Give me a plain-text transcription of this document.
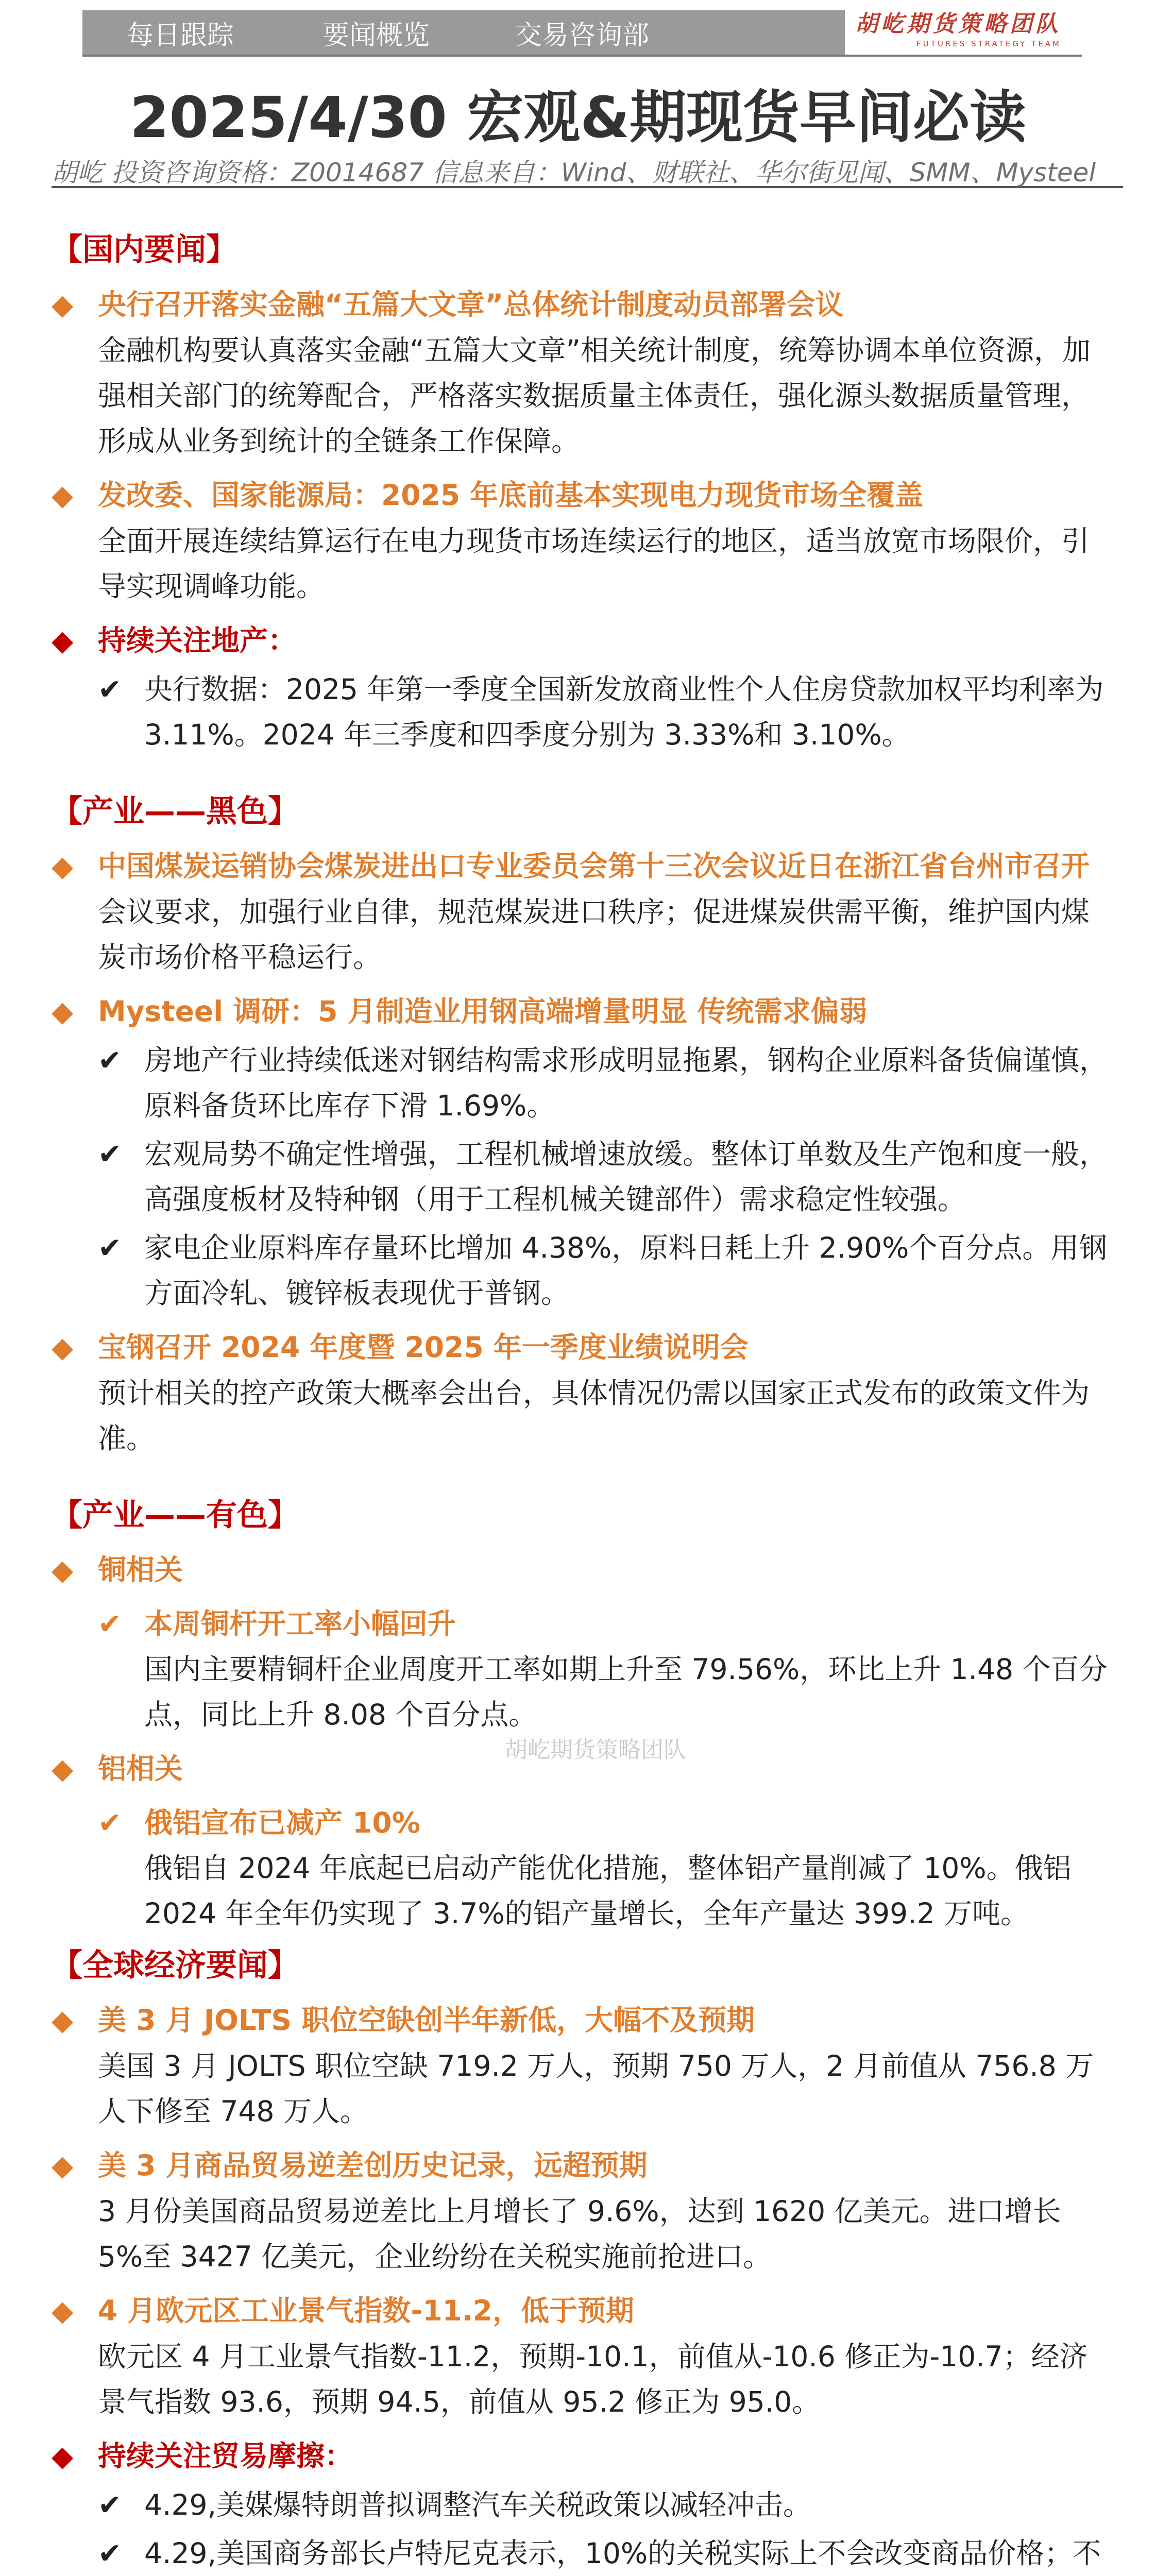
每日跟踪	要闻概览	交易咨询部	胡屹期货策略团队
FUTURES STRATEGY TEAM
2025/4/30 宏观&期现货早间必读
胡屹 投资咨询资格：Z0014687 信息来自：Wind、财联社、华尔街见闻、SMM、Mysteel
胡屹期货策略团队
【国内要闻】
◆ 央行召开落实金融“五篇大文章”总体统计制度动员部署会议
金融机构要认真落实金融“五篇大文章”相关统计制度，统筹协调本单位资源，加强相关部门的统筹配合，严格落实数据质量主体责任，强化源头数据质量管理，形成从业务到统计的全链条工作保障。
◆ 发改委、国家能源局：2025 年底前基本实现电力现货市场全覆盖
全面开展连续结算运行在电力现货市场连续运行的地区，适当放宽市场限价，引导实现调峰功能。
◆ 持续关注地产：
✔ 央行数据：2025 年第一季度全国新发放商业性个人住房贷款加权平均利率为 3.11%。2024 年三季度和四季度分别为 3.33%和 3.10%。
【产业——黑色】
◆ 中国煤炭运销协会煤炭进出口专业委员会第十三次会议近日在浙江省台州市召开
会议要求，加强行业自律，规范煤炭进口秩序；促进煤炭供需平衡，维护国内煤炭市场价格平稳运行。
◆ Mysteel 调研：5 月制造业用钢高端增量明显 传统需求偏弱
✔ 房地产行业持续低迷对钢结构需求形成明显拖累，钢构企业原料备货偏谨慎，原料备货环比库存下滑 1.69%。
✔ 宏观局势不确定性增强，工程机械增速放缓。整体订单数及生产饱和度一般，高强度板材及特种钢（用于工程机械关键部件）需求稳定性较强。
✔ 家电企业原料库存量环比增加 4.38%，原料日耗上升 2.90%个百分点。用钢方面冷轧、镀锌板表现优于普钢。
◆ 宝钢召开 2024 年度暨 2025 年一季度业绩说明会
预计相关的控产政策大概率会出台，具体情况仍需以国家正式发布的政策文件为准。
【产业——有色】
◆ 铜相关
✔ 本周铜杆开工率小幅回升
国内主要精铜杆企业周度开工率如期上升至 79.56%，环比上升 1.48 个百分点，同比上升 8.08 个百分点。
◆ 铝相关
✔ 俄铝宣布已减产 10%
俄铝自 2024 年底起已启动产能优化措施，整体铝产量削减了 10%。俄铝 2024 年全年仍实现了 3.7%的铝产量增长，全年产量达 399.2 万吨。
【全球经济要闻】
◆ 美 3 月 JOLTS 职位空缺创半年新低，大幅不及预期
美国 3 月 JOLTS 职位空缺 719.2 万人，预期 750 万人，2 月前值从 756.8 万人下修至 748 万人。
◆ 美 3 月商品贸易逆差创历史记录，远超预期
3 月份美国商品贸易逆差比上月增长了 9.6%，达到 1620 亿美元。进口增长 5%至 3427 亿美元，企业纷纷在关税实施前抢进口。
◆ 4 月欧元区工业景气指数-11.2，低于预期
欧元区 4 月工业景气指数-11.2，预期-10.1，前值从-10.6 修正为-10.7；经济景气指数 93.6，预期 94.5，前值从 95.2 修正为 95.0。
◆ 持续关注贸易摩擦：
✔ 4.29,美媒爆特朗普拟调整汽车关税政策以减轻冲击。
✔ 4.29,美国商务部长卢特尼克表示，10%的关税实际上不会改变商品价格；不
